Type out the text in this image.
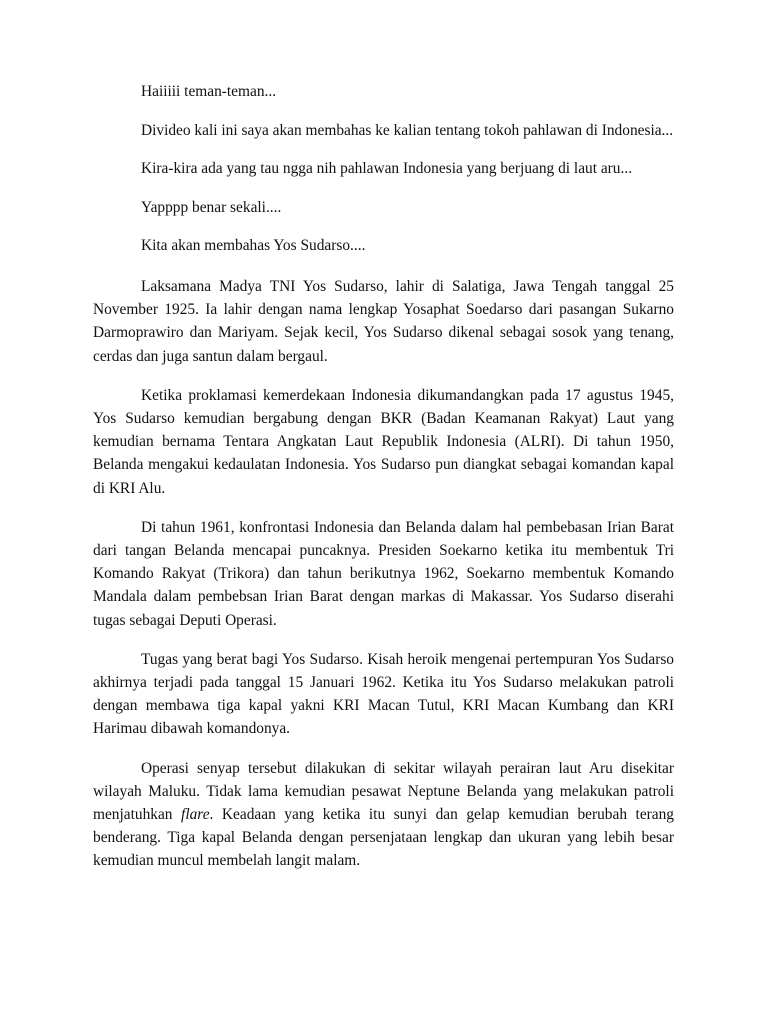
Haiiiii teman-teman...

Divideo kali ini saya akan membahas ke kalian tentang tokoh pahlawan di Indonesia...

Kira-kira ada yang tau ngga nih pahlawan Indonesia yang berjuang di laut aru...

Yapppp benar sekali....

Kita akan membahas Yos Sudarso....

Laksamana Madya TNI Yos Sudarso, lahir di Salatiga, Jawa Tengah tanggal 25 November 1925. Ia lahir dengan nama lengkap Yosaphat Soedarso dari pasangan Sukarno Darmoprawiro dan Mariyam. Sejak kecil, Yos Sudarso dikenal sebagai sosok yang tenang, cerdas dan juga santun dalam bergaul.

Ketika proklamasi kemerdekaan Indonesia dikumandangkan pada 17 agustus 1945, Yos Sudarso kemudian bergabung dengan BKR (Badan Keamanan Rakyat) Laut yang kemudian bernama Tentara Angkatan Laut Republik Indonesia (ALRI). Di tahun 1950, Belanda mengakui kedaulatan Indonesia. Yos Sudarso pun diangkat sebagai komandan kapal di KRI Alu.

Di tahun 1961, konfrontasi Indonesia dan Belanda dalam hal pembebasan Irian Barat dari tangan Belanda mencapai puncaknya. Presiden Soekarno ketika itu membentuk Tri Komando Rakyat (Trikora) dan tahun berikutnya 1962, Soekarno membentuk Komando Mandala dalam pembebsan Irian Barat dengan markas di Makassar. Yos Sudarso diserahi tugas sebagai Deputi Operasi.

Tugas yang berat bagi Yos Sudarso. Kisah heroik mengenai pertempuran Yos Sudarso akhirnya terjadi pada tanggal 15 Januari 1962. Ketika itu Yos Sudarso melakukan patroli dengan membawa tiga kapal yakni KRI Macan Tutul, KRI Macan Kumbang dan KRI Harimau dibawah komandonya.

Operasi senyap tersebut dilakukan di sekitar wilayah perairan laut Aru disekitar wilayah Maluku. Tidak lama kemudian pesawat Neptune Belanda yang melakukan patroli menjatuhkan flare. Keadaan yang ketika itu sunyi dan gelap kemudian berubah terang benderang. Tiga kapal Belanda dengan persenjataan lengkap dan ukuran yang lebih besar kemudian muncul membelah langit malam.
